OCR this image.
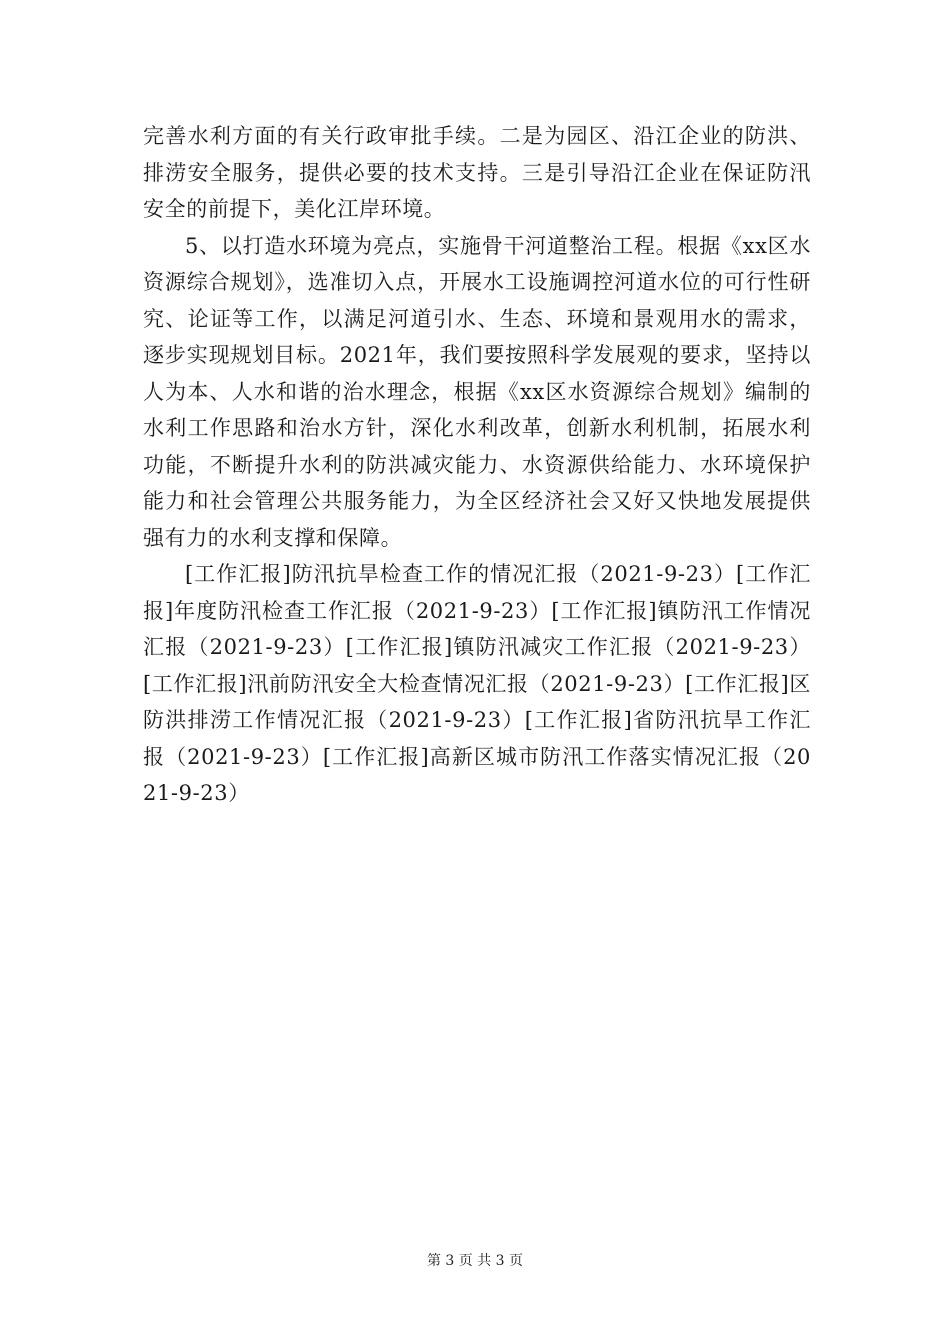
完善水利方面的有关行政审批手续。二是为园区、沿江企业的防洪、排涝安全服务，提供必要的技术支持。三是引导沿江企业在保证防汛安全的前提下，美化江岸环境。

5、以打造水环境为亮点，实施骨干河道整治工程。根据《xx区水资源综合规划》，选准切入点，开展水工设施调控河道水位的可行性研究、论证等工作，以满足河道引水、生态、环境和景观用水的需求，逐步实现规划目标。2021年，我们要按照科学发展观的要求，坚持以人为本、人水和谐的治水理念，根据《xx区水资源综合规划》编制的水利工作思路和治水方针，深化水利改革，创新水利机制，拓展水利功能，不断提升水利的防洪减灾能力、水资源供给能力、水环境保护能力和社会管理公共服务能力，为全区经济社会又好又快地发展提供强有力的水利支撑和保障。

[工作汇报]防汛抗旱检查工作的情况汇报（2021-9-23）[工作汇报]年度防汛检查工作汇报（2021-9-23）[工作汇报]镇防汛工作情况汇报（2021-9-23）[工作汇报]镇防汛减灾工作汇报（2021-9-23）[工作汇报]汛前防汛安全大检查情况汇报（2021-9-23）[工作汇报]区防洪排涝工作情况汇报（2021-9-23）[工作汇报]省防汛抗旱工作汇报（2021-9-23）[工作汇报]高新区城市防汛工作落实情况汇报（2021-9-23）

第 3 页 共 3 页
